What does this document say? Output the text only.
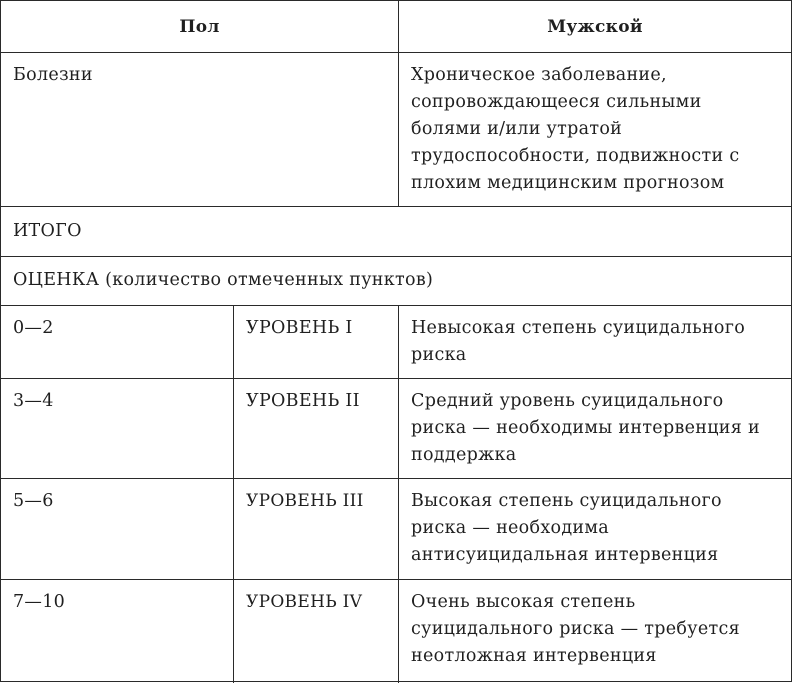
Пол	Мужской
Болезни	Хроническое заболевание, сопровождающееся сильными болями и/или утратой трудоспособности, подвижности с плохим медицинским прогнозом
ИТОГО
ОЦЕНКА (количество отмеченных пунктов)
0—2	УРОВЕНЬ I	Невысокая степень суицидального риска
3—4	УРОВЕНЬ II	Средний уровень суицидального риска — необходимы интервенция и поддержка
5—6	УРОВЕНЬ III	Высокая степень суицидального риска — необходима антисуицидальная интервенция
7—10	УРОВЕНЬ IV	Очень высокая степень суицидального риска — требуется неотложная интервенция
